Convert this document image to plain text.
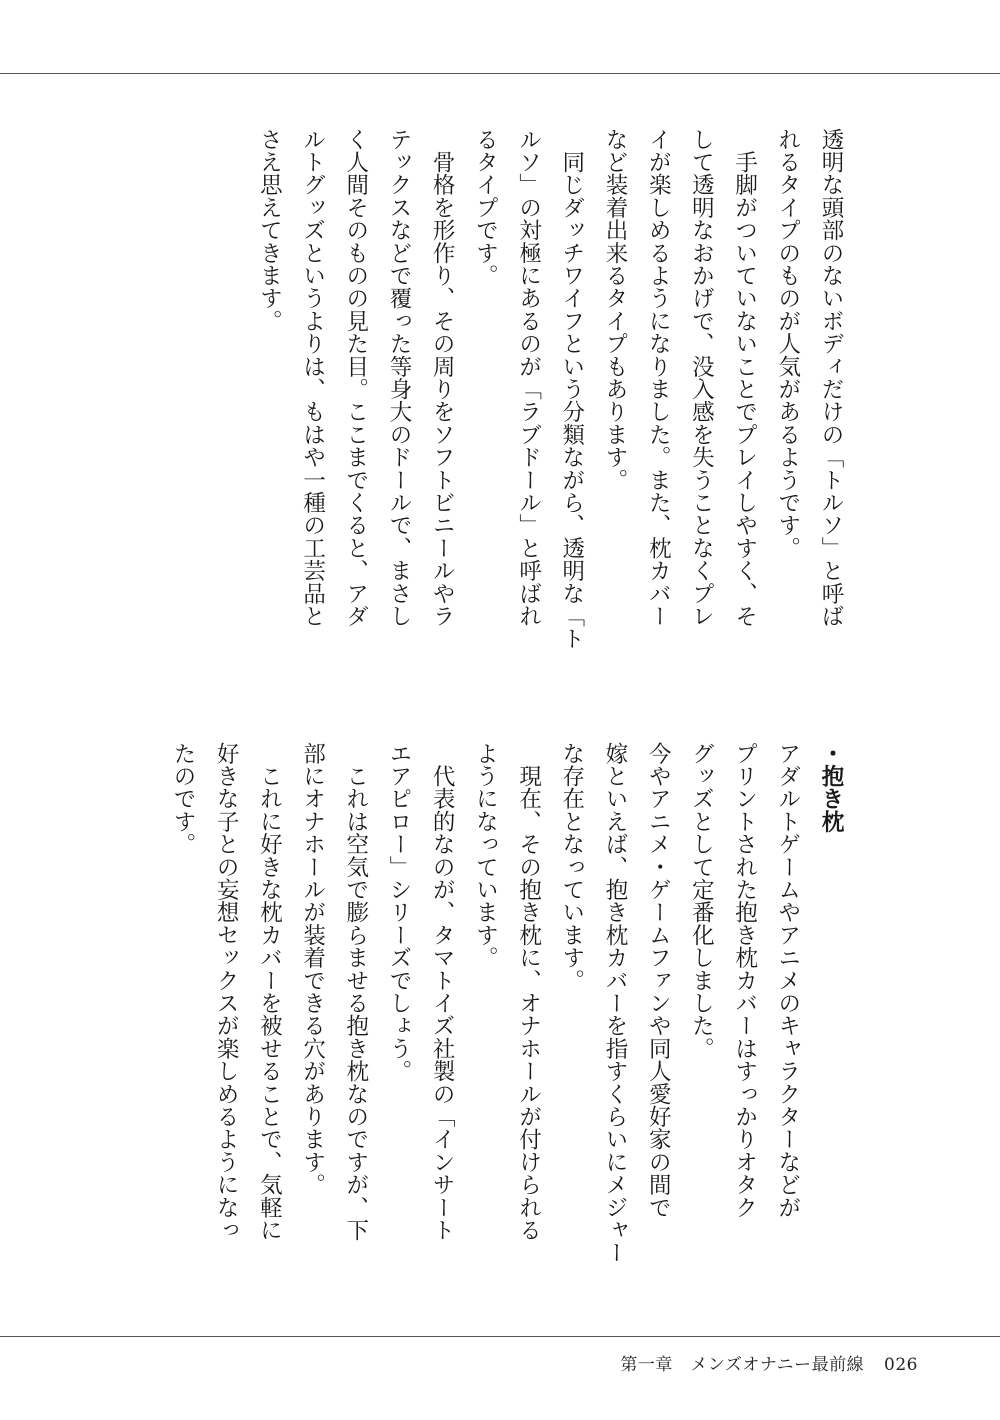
透明な頭部のないボディだけの「トルソ」と呼ば

れるタイプのものが人気があるようです。

　手脚がついていないことでプレイしやすく、そ

して透明なおかげで、没入感を失うことなくプレ

イが楽しめるようになりました。また、枕カバー

など装着出来るタイプもあります。

　同じダッチワイフという分類ながら、透明な「ト

ルソ」の対極にあるのが「ラブドール」と呼ばれ

るタイプです。

　骨格を形作り、その周りをソフトビニールやラ

テックスなどで覆った等身大のドールで、まさし

く人間そのものの見た目。ここまでくると、アダ

ルトグッズというよりは、もはや一種の工芸品と

さえ思えてきます。

・抱き枕

アダルトゲームやアニメのキャラクターなどが

プリントされた抱き枕カバーはすっかりオタク

グッズとして定番化しました。

今やアニメ・ゲームファンや同人愛好家の間で

嫁といえば、抱き枕カバーを指すくらいにメジャー

な存在となっています。

　現在、その抱き枕に、オナホールが付けられる

ようになっています。

　代表的なのが、タマトイズ社製の「インサート

エアピロー」シリーズでしょう。

　これは空気で膨らませる抱き枕なのですが、下

部にオナホールが装着できる穴があります。

　これに好きな枕カバーを被せることで、気軽に

好きな子との妄想セックスが楽しめるようになっ

たのです。

第一章　メンズオナニー最前線 026
